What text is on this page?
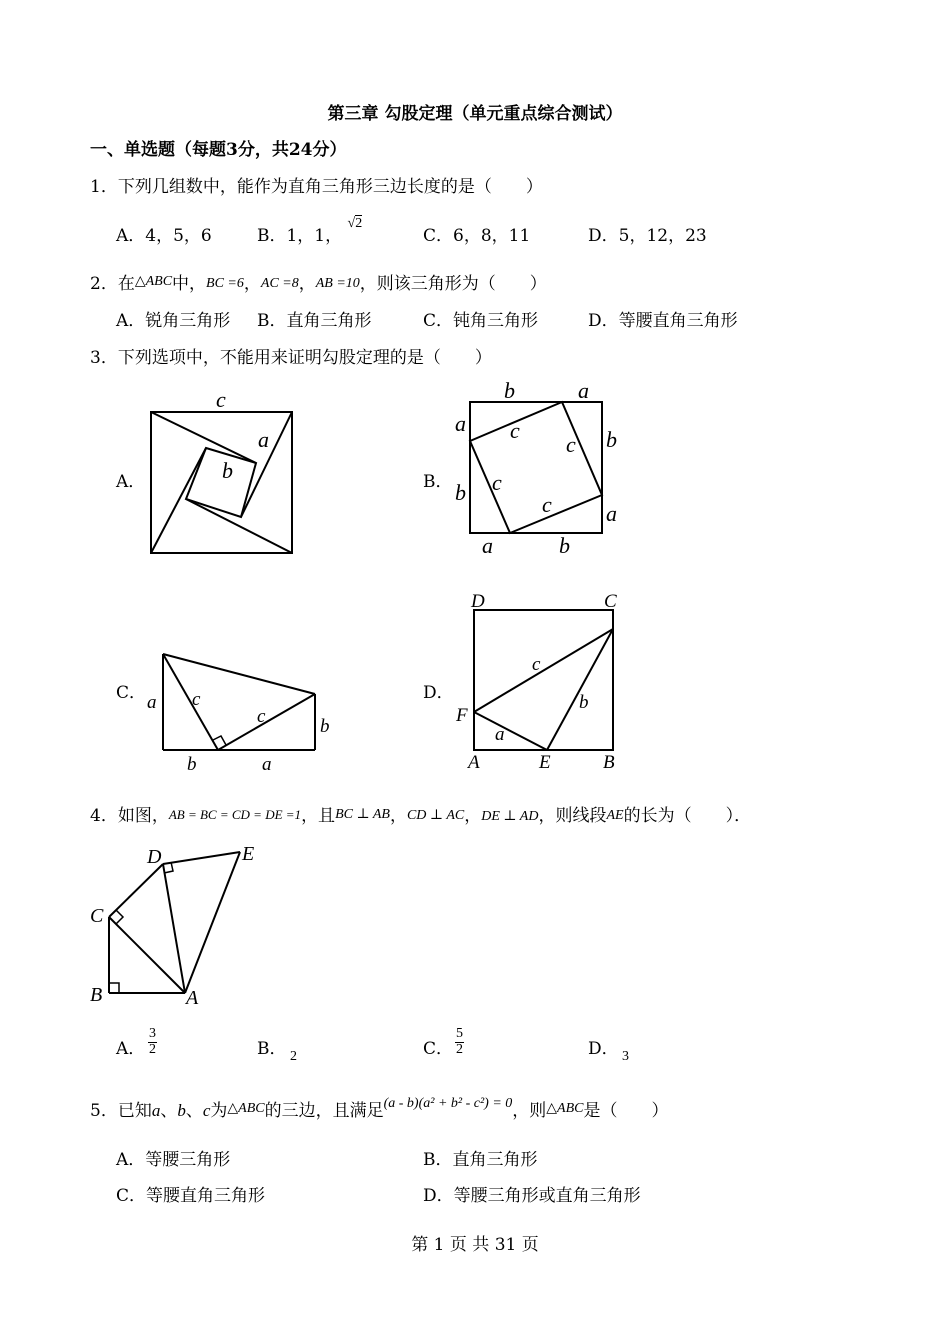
第三章 勾股定理（单元重点综合测试）
一、单选题（每题3分，共24分）
1．下列几组数中，能作为直角三角形三边长度的是（　　）
A．4，5，6	B．1，1， $^{√2}$
C．6，8，11	D．5，12，23
2．在$^{\triangle ABC}$中，BC =6，AC =8，AB =10，则该三角形为（　　）
A．锐角三角形 B．直角三角形	C．钝角三角形	D．等腰直角三角形
3．下列选项中，不能用来证明勾股定理的是（　　）
A．	B．
C．	D．
c
a
b
b	a
a c
c b
b c
c a
a	b
a c
c	b
b	a
D	C
c
F
b
a
A	E	B
4．如图，AB = BC = CD = DE =1，且BC ⊥ AB，CD ⊥ AC，DE ⊥ AD，则线段AE的长为（　　）．
D	E
C
B	A
A． $\frac{3}{2}$	B． 2	C． $\frac{5}{2}$	D． 3
5．已知a、b、c为$^{\triangle ABC}$的三边，且满足$^{(a - b)(a^2 + b^2 - c^2) = 0}$，则$^{\triangle ABC}$是（　　）
A．等腰三角形	B．直角三角形
C．等腰直角三角形	D．等腰三角形或直角三角形
第 1 页 共 31 页
